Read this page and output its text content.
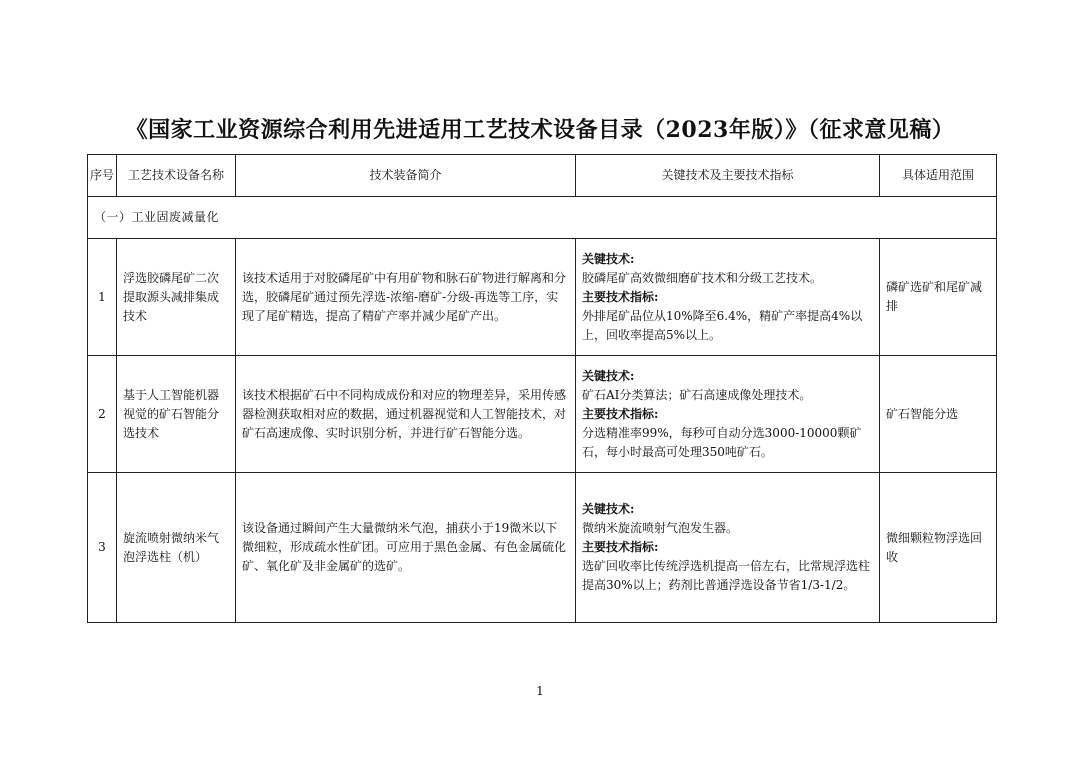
《国家工业资源综合利用先进适用工艺技术设备目录（2023年版）》（征求意见稿）
序号	工艺技术设备名称	技术装备简介	关键技术及主要技术指标	具体适用范围
（一）工业固废减量化				
1	浮选胶磷尾矿二次提取源头减排集成技术	该技术适用于对胶磷尾矿中有用矿物和脉石矿物进行解离和分选，胶磷尾矿通过预先浮选-浓缩-磨矿-分级-再选等工序，实现了尾矿精选，提高了精矿产率并减少尾矿产出。	关键技术:
胶磷尾矿高效微细磨矿技术和分级工艺技术。
主要技术指标:
外排尾矿品位从10%降至6.4%，精矿产率提高4%以上，回收率提高5%以上。	磷矿选矿和尾矿减排
2	基于人工智能机器视觉的矿石智能分选技术	该技术根据矿石中不同构成成份和对应的物理差异，采用传感器检测获取相对应的数据，通过机器视觉和人工智能技术，对矿石高速成像、实时识别分析，并进行矿石智能分选。	关键技术:
矿石AI分类算法；矿石高速成像处理技术。
主要技术指标:
分选精准率99%，每秒可自动分选3000-10000颗矿石，每小时最高可处理350吨矿石。	矿石智能分选
3	旋流喷射微纳米气泡浮选柱（机）	该设备通过瞬间产生大量微纳米气泡，捕获小于19微米以下微细粒，形成疏水性矿团。可应用于黑色金属、有色金属硫化矿、氧化矿及非金属矿的选矿。	关键技术:
微纳米旋流喷射气泡发生器。
主要技术指标:
选矿回收率比传统浮选机提高一倍左右，比常规浮选柱提高30%以上；药剂比普通浮选设备节省1/3-1/2。	微细颗粒物浮选回收
1
